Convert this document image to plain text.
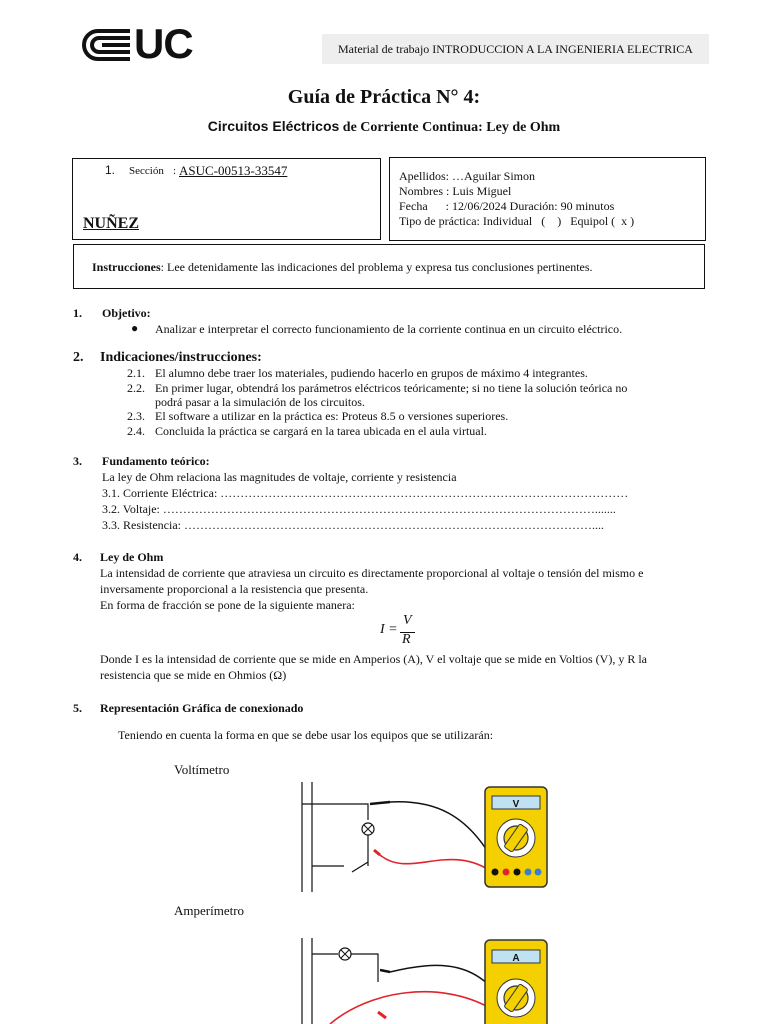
UC	Material de trabajo INTRODUCCION A LA INGENIERIA ELECTRICA
Guía de Práctica N° 4:
Circuitos Eléctricos de Corriente Continua: Ley de Ohm
1. Sección : ASUC-00513-33547
NUÑEZ
Apellidos: …Aguilar Simon
Nombres : Luis Miguel
Fecha      : 12/06/2024 Duración: 90 minutos
Tipo de práctica: Individual   (    )   Equipol (  x )
Instrucciones: Lee detenidamente las indicaciones del problema y expresa tus conclusiones pertinentes.
1. Objetivo:
● Analizar e interpretar el correcto funcionamiento de la corriente continua en un circuito eléctrico.
2. Indicaciones/instrucciones:
2.1. El alumno debe traer los materiales, pudiendo hacerlo en grupos de máximo 4 integrantes.
2.2. En primer lugar, obtendrá los parámetros eléctricos teóricamente; si no tiene la solución teórica no
podrá pasar a la simulación de los circuitos.
2.3. El software a utilizar en la práctica es: Proteus 8.5 o versiones superiores.
2.4. Concluida la práctica se cargará en la tarea ubicada en el aula virtual.
3. Fundamento teórico:
La ley de Ohm relaciona las magnitudes de voltaje, corriente y resistencia
3.1. Corriente Eléctrica: …………………………………………………………………………………………
3.2. Voltaje: ……………………………………………………………………………………………….......
3.3. Resistencia: …………………………………………………………………………………………....
4. Ley de Ohm
La intensidad de corriente que atraviesa un circuito es directamente proporcional al voltaje o tensión del mismo e
inversamente proporcional a la resistencia que presenta.
En forma de fracción se pone de la siguiente manera:
I =
V
R
Donde I es la intensidad de corriente que se mide en Amperios (A), V el voltaje que se mide en Voltios (V), y R la
resistencia que se mide en Ohmios (Ω)
5. Representación Gráfica de conexionado
Teniendo en cuenta la forma en que se debe usar los equipos que se utilizarán:
Voltímetro
Amperímetro
V
A
